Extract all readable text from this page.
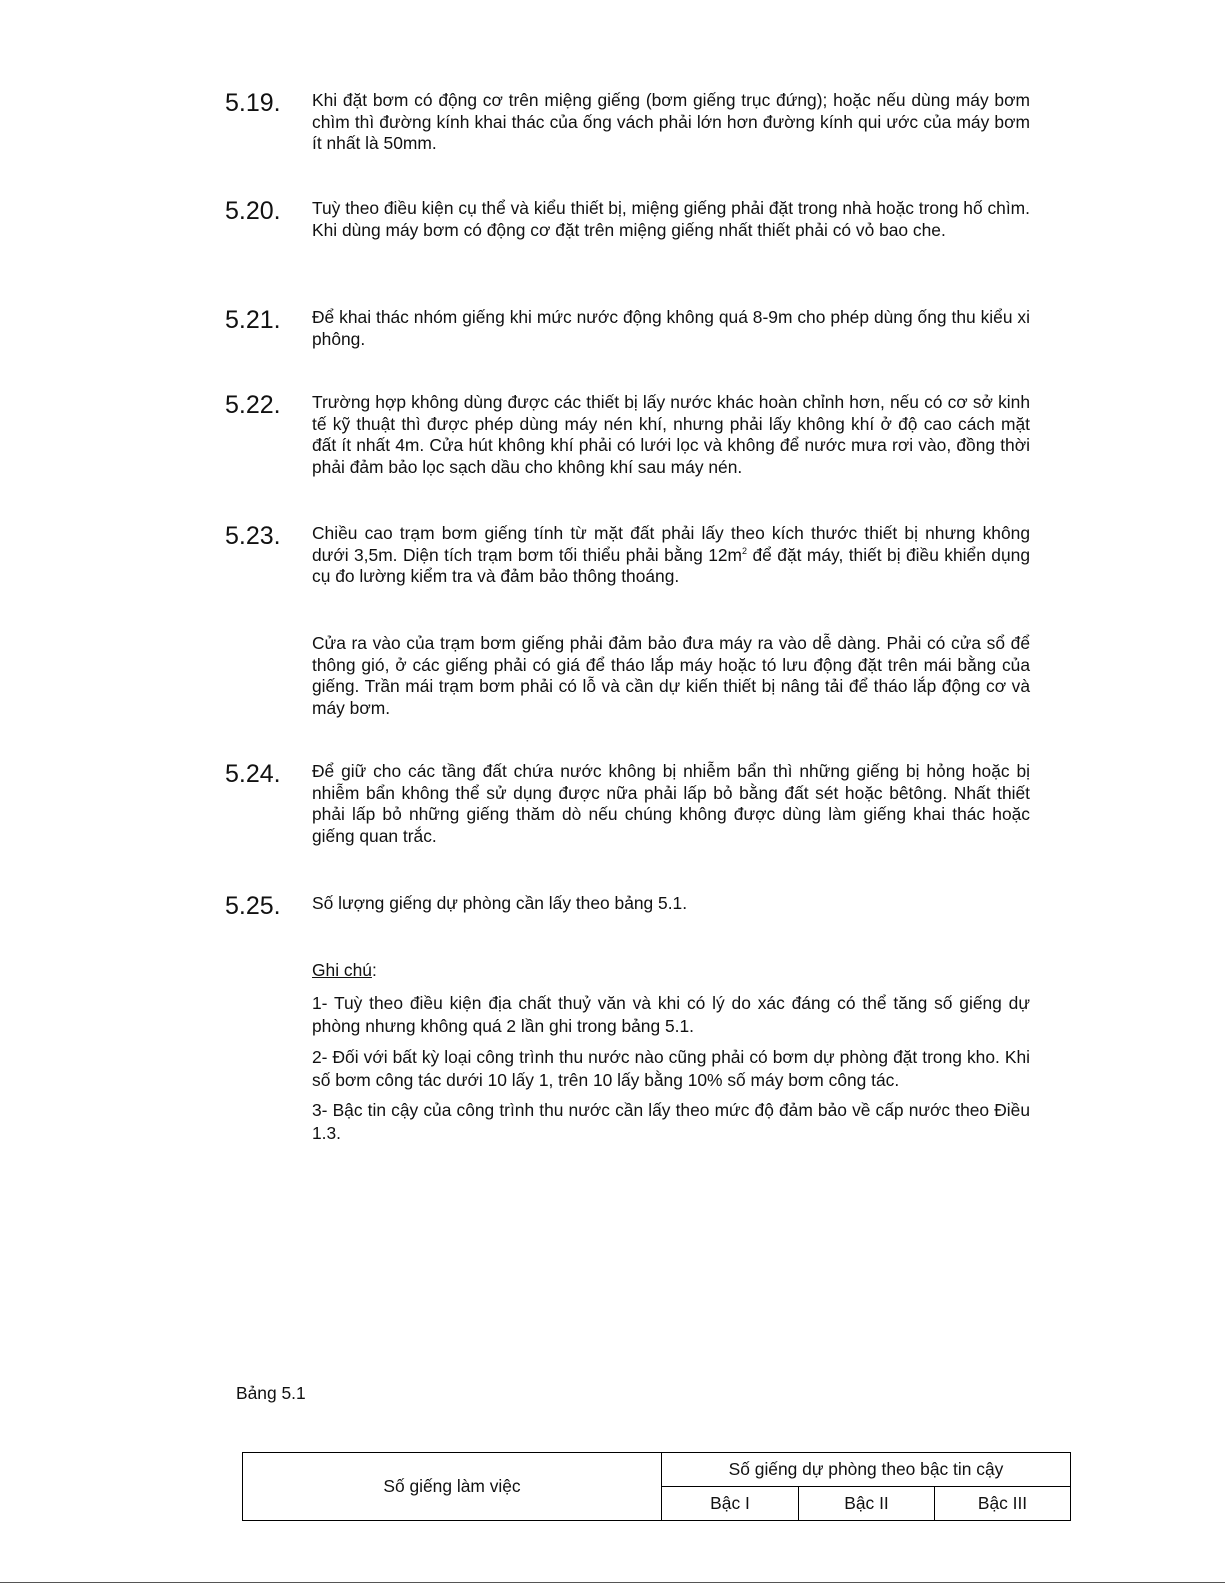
5.19. Khi đặt bơm có động cơ trên miệng giếng (bơm giếng trục đứng); hoặc nếu dùng máy bơm chìm thì đường kính khai thác của ống vách phải lớn hơn đường kính qui ước của máy bơm ít nhất là 50mm.

5.20. Tuỳ theo điều kiện cụ thể và kiểu thiết bị, miệng giếng phải đặt trong nhà hoặc trong hố chìm. Khi dùng máy bơm có động cơ đặt trên miệng giếng nhất thiết phải có vỏ bao che.

5.21. Để khai thác nhóm giếng khi mức nước động không quá 8-9m cho phép dùng ống thu kiểu xi phông.

5.22. Trường hợp không dùng được các thiết bị lấy nước khác hoàn chỉnh hơn, nếu có cơ sở kinh tế kỹ thuật thì được phép dùng máy nén khí, nhưng phải lấy không khí ở độ cao cách mặt đất ít nhất 4m. Cửa hút không khí phải có lưới lọc và không để nước mưa rơi vào, đồng thời phải đảm bảo lọc sạch dầu cho không khí sau máy nén.

5.23. Chiều cao trạm bơm giếng tính từ mặt đất phải lấy theo kích thước thiết bị nhưng không dưới 3,5m. Diện tích trạm bơm tối thiểu phải bằng $12m^2$ để đặt máy, thiết bị điều khiển dụng cụ đo lường kiểm tra và đảm bảo thông thoáng.

Cửa ra vào của trạm bơm giếng phải đảm bảo đưa máy ra vào dễ dàng. Phải có cửa sổ để thông gió, ở các giếng phải có giá để tháo lắp máy hoặc tó lưu động đặt trên mái bằng của giếng. Trần mái trạm bơm phải có lỗ và cần dự kiến thiết bị nâng tải để tháo lắp động cơ và máy bơm.

5.24. Để giữ cho các tầng đất chứa nước không bị nhiễm bẩn thì những giếng bị hỏng hoặc bị nhiễm bẩn không thể sử dụng được nữa phải lấp bỏ bằng đất sét hoặc bêtông. Nhất thiết phải lấp bỏ những giếng thăm dò nếu chúng không được dùng làm giếng khai thác hoặc giếng quan trắc.

5.25. Số lượng giếng dự phòng cần lấy theo bảng 5.1.

Ghi chú:

1- Tuỳ theo điều kiện địa chất thuỷ văn và khi có lý do xác đáng có thể tăng số giếng dự phòng nhưng không quá 2 lần ghi trong bảng 5.1.

2- Đối với bất kỳ loại công trình thu nước nào cũng phải có bơm dự phòng đặt trong kho. Khi số bơm công tác dưới 10 lấy 1, trên 10 lấy bằng 10% số máy bơm công tác.

3- Bậc tin cậy của công trình thu nước cần lấy theo mức độ đảm bảo về cấp nước theo Điều 1.3.

Bảng 5.1
Số giếng làm việc	Số giếng dự phòng theo bậc tin cậy		
	Bậc I	Bậc II	Bậc III
